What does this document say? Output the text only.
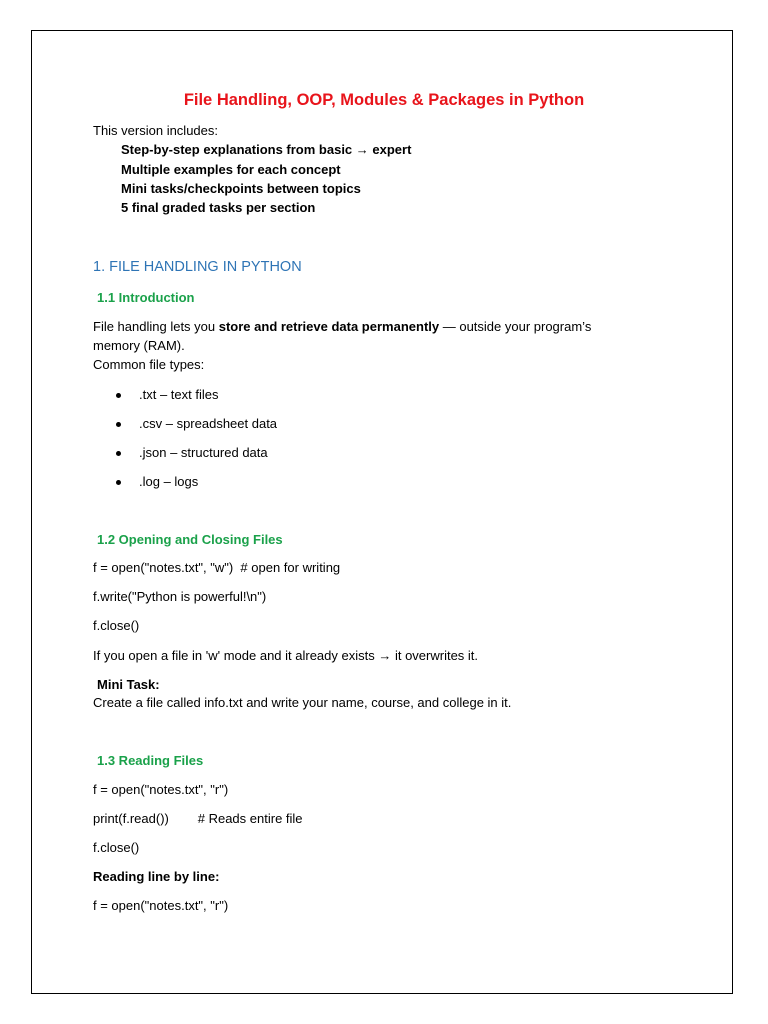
File Handling, OOP, Modules & Packages in Python
This version includes:
Step-by-step explanations from basic → expert
Multiple examples for each concept
Mini tasks/checkpoints between topics
5 final graded tasks per section
1. FILE HANDLING IN PYTHON
1.1 Introduction
File handling lets you store and retrieve data permanently — outside your program’s
memory (RAM).
Common file types:
.txt – text files
.csv – spreadsheet data
.json – structured data
.log – logs
1.2 Opening and Closing Files
f = open("notes.txt", "w")  # open for writing
f.write("Python is powerful!\n")
f.close()
If you open a file in 'w' mode and it already exists → it overwrites it.
Mini Task:
Create a file called info.txt and write your name, course, and college in it.
1.3 Reading Files
f = open("notes.txt", "r")
print(f.read())        # Reads entire file
f.close()
Reading line by line:
f = open("notes.txt", "r")
